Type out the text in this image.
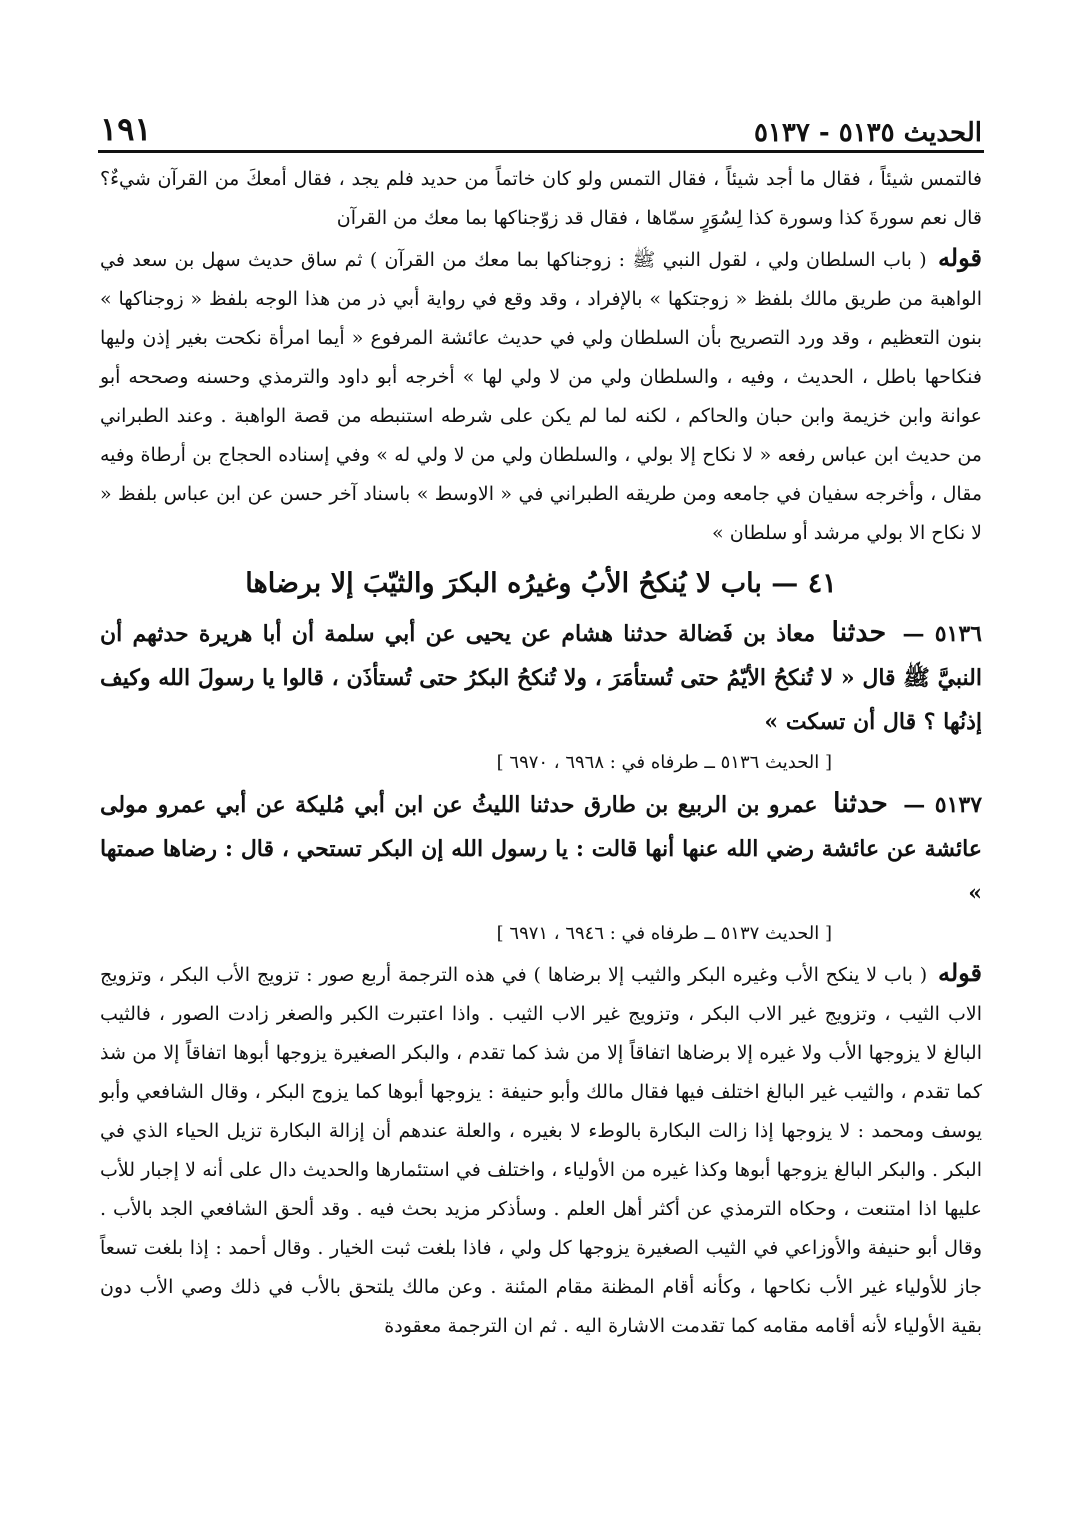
الحديث ٥١٣٥ - ٥١٣٧
١٩١

فالتمس شيئاً ، فقال ما أجد شيئاً ، فقال التمس ولو كان خاتماً من حديد فلم يجد ، فقال أمعكَ من القرآن شيءٌ؟ قال نعم سورةَ كذا وسورة كذا لِسُوَرٍ سمّاها ، فقال قد زوّجناكها بما معك من القرآن

قوله ( باب السلطان ولي ، لقول النبي ﷺ : زوجناكها بما معك من القرآن ) ثم ساق حديث سهل بن سعد في الواهبة من طريق مالك بلفظ « زوجتكها » بالإفراد ، وقد وقع في رواية أبي ذر من هذا الوجه بلفظ « زوجناكها » بنون التعظيم ، وقد ورد التصريح بأن السلطان ولي في حديث عائشة المرفوع « أيما امرأة نكحت بغير إذن وليها فنكاحها باطل ، الحديث ، وفيه ، والسلطان ولي من لا ولي لها » أخرجه أبو داود والترمذي وحسنه وصححه أبو عوانة وابن خزيمة وابن حبان والحاكم ، لكنه لما لم يكن على شرطه استنبطه من قصة الواهبة . وعند الطبراني من حديث ابن عباس رفعه « لا نكاح إلا بولي ، والسلطان ولي من لا ولي له » وفي إسناده الحجاج بن أرطاة وفيه مقال ، وأخرجه سفيان في جامعه ومن طريقه الطبراني في « الاوسط » باسناد آخر حسن عن ابن عباس بلفظ « لا نكاح الا بولي مرشد أو سلطان »

٤١ — باب لا يُنكحُ الأبُ وغيرُه البكرَ والثيّبَ إلا برضاها

٥١٣٦ — حدثنا معاذ بن فَضالة حدثنا هشام عن يحيى عن أبي سلمة أن أبا هريرة حدثهم أن النبيَّ ﷺ قال « لا تُنكحُ الأيّمُ حتى تُستأمَرَ ، ولا تُنكحُ البكرُ حتى تُستأذَن ، قالوا يا رسولَ الله وكيف إذنُها ؟ قال أن تسكت »

[ الحديث ٥١٣٦ ــ طرفاه في : ٦٩٦٨ ، ٦٩٧٠ ]

٥١٣٧ — حدثنا عمرو بن الربيع بن طارق حدثنا الليثُ عن ابن أبي مُليكة عن أبي عمرو مولى عائشة عن عائشة رضي الله عنها أنها قالت : يا رسول الله إن البكر تستحي ، قال : رضاها صمتها »

[ الحديث ٥١٣٧ ــ طرفاه في : ٦٩٤٦ ، ٦٩٧١ ]

قوله ( باب لا ينكح الأب وغيره البكر والثيب إلا برضاها ) في هذه الترجمة أربع صور : تزويج الأب البكر ، وتزويج الاب الثيب ، وتزويج غير الاب البكر ، وتزويج غير الاب الثيب . واذا اعتبرت الكبر والصغر زادت الصور ، فالثيب البالغ لا يزوجها الأب ولا غيره إلا برضاها اتفاقاً إلا من شذ كما تقدم ، والبكر الصغيرة يزوجها أبوها اتفاقاً إلا من شذ كما تقدم ، والثيب غير البالغ اختلف فيها فقال مالك وأبو حنيفة : يزوجها أبوها كما يزوج البكر ، وقال الشافعي وأبو يوسف ومحمد : لا يزوجها إذا زالت البكارة بالوطء لا بغيره ، والعلة عندهم أن إزالة البكارة تزيل الحياء الذي في البكر . والبكر البالغ يزوجها أبوها وكذا غيره من الأولياء ، واختلف في استئمارها والحديث دال على أنه لا إجبار للأب عليها اذا امتنعت ، وحكاه الترمذي عن أكثر أهل العلم . وسأذكر مزيد بحث فيه . وقد ألحق الشافعي الجد بالأب . وقال أبو حنيفة والأوزاعي في الثيب الصغيرة يزوجها كل ولي ، فاذا بلغت ثبت الخيار . وقال أحمد : إذا بلغت تسعاً جاز للأولياء غير الأب نكاحها ، وكأنه أقام المظنة مقام المئنة . وعن مالك يلتحق بالأب في ذلك وصي الأب دون بقية الأولياء لأنه أقامه مقامه كما تقدمت الاشارة اليه . ثم ان الترجمة معقودة
